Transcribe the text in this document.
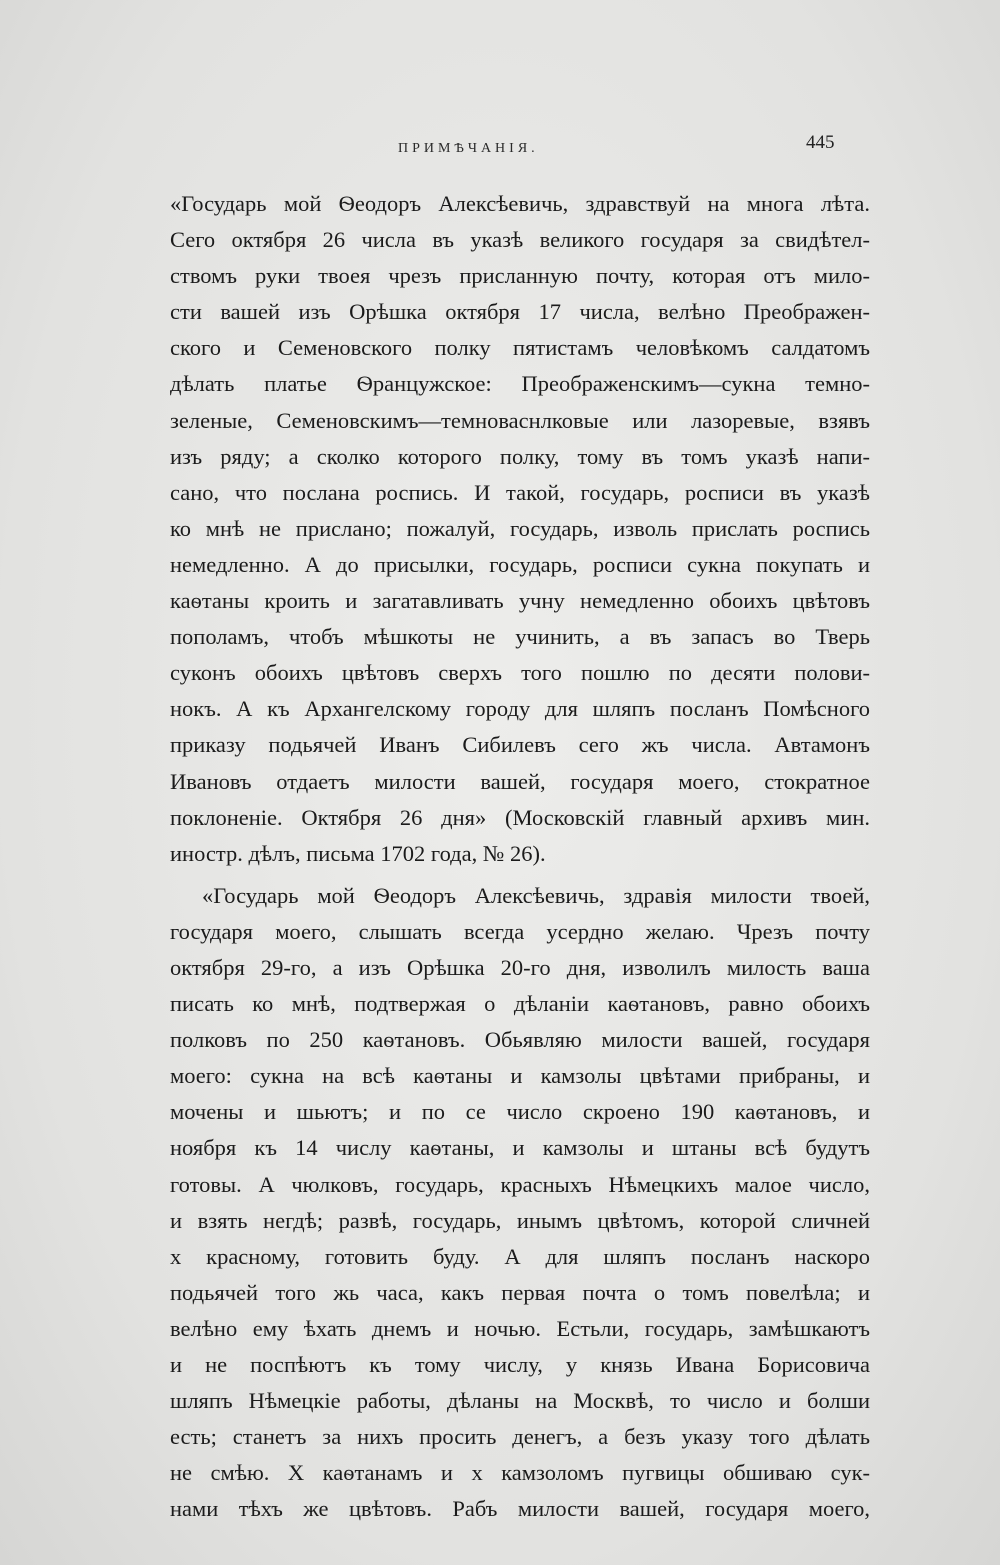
ПРИМѢЧАНІЯ.	445

«Государь мой Ѳеодоръ Алексѣевичь, здравствуй на многа лѣта.
Сего октября 26 числа въ указѣ великого государя за свидѣтел-
ствомъ руки твоея чрезъ присланную почту, которая отъ мило-
сти вашей изъ Орѣшка октября 17 числа, велѣно Преображен-
ского и Семеновского полку пятистамъ человѣкомъ салдатомъ
дѣлать платье Ѳранцужское: Преображенскимъ—сукна темно-
зеленые, Семеновскимъ—темноваснлковые или лазоревые, взявъ
изъ ряду; а сколко которого полку, тому въ томъ указѣ напи-
сано, что послана роспись. И такой, государь, росписи въ указѣ
ко мнѣ не прислано; пожалуй, государь, изволь прислать роспись
немедленно. А до присылки, государь, росписи сукна покупать и
каѳтаны кроить и загатавливать учну немедленно обоихъ цвѣтовъ
пополамъ, чтобъ мѣшкоты не учинить, а въ запасъ во Тверь
суконъ обоихъ цвѣтовъ сверхъ того пошлю по десяти полови-
нокъ. А къ Архангелскому городу для шляпъ посланъ Помѣсного
приказу подьячей Иванъ Сибилевъ сего жъ числа. Автамонъ
Ивановъ отдаетъ милости вашей, государя моего, стократное
поклоненіе. Октября 26 дня» (Московскій главный архивъ мин.
иностр. дѣлъ, письма 1702 года, № 26).

«Государь мой Ѳеодоръ Алексѣевичь, здравія милости твоей,
государя моего, слышать всегда усердно желаю. Чрезъ почту
октября 29-го, а изъ Орѣшка 20-го дня, изволилъ милость ваша
писать ко мнѣ, подтвержая о дѣланіи каѳтановъ, равно обоихъ
полковъ по 250 каѳтановъ. Обьявляю милости вашей, государя
моего: сукна на всѣ каѳтаны и камзолы цвѣтами прибраны, и
мочены и шьютъ; и по се число скроено 190 каѳтановъ, и
ноября къ 14 числу каѳтаны, и камзолы и штаны всѣ будутъ
готовы. А чюлковъ, государь, красныхъ Нѣмецкихъ малое число,
и взять негдѣ; развѣ, государь, инымъ цвѣтомъ, которой сличней
х красному, готовить буду. А для шляпъ посланъ наскоро
подьячей того жь часа, какъ первая почта о томъ повелѣла; и
велѣно ему ѣхать днемъ и ночью. Естьли, государь, замѣшкаютъ
и не поспѣютъ къ тому числу, у князь Ивана Борисовича
шляпъ Нѣмецкіе работы, дѣланы на Москвѣ, то число и болши
есть; станетъ за нихъ просить денегъ, а безъ указу того дѣлать
не смѣю. Х каѳтанамъ и х камзоломъ пугвицы обшиваю сук-
нами тѣхъ же цвѣтовъ. Рабъ милости вашей, государя моего,
